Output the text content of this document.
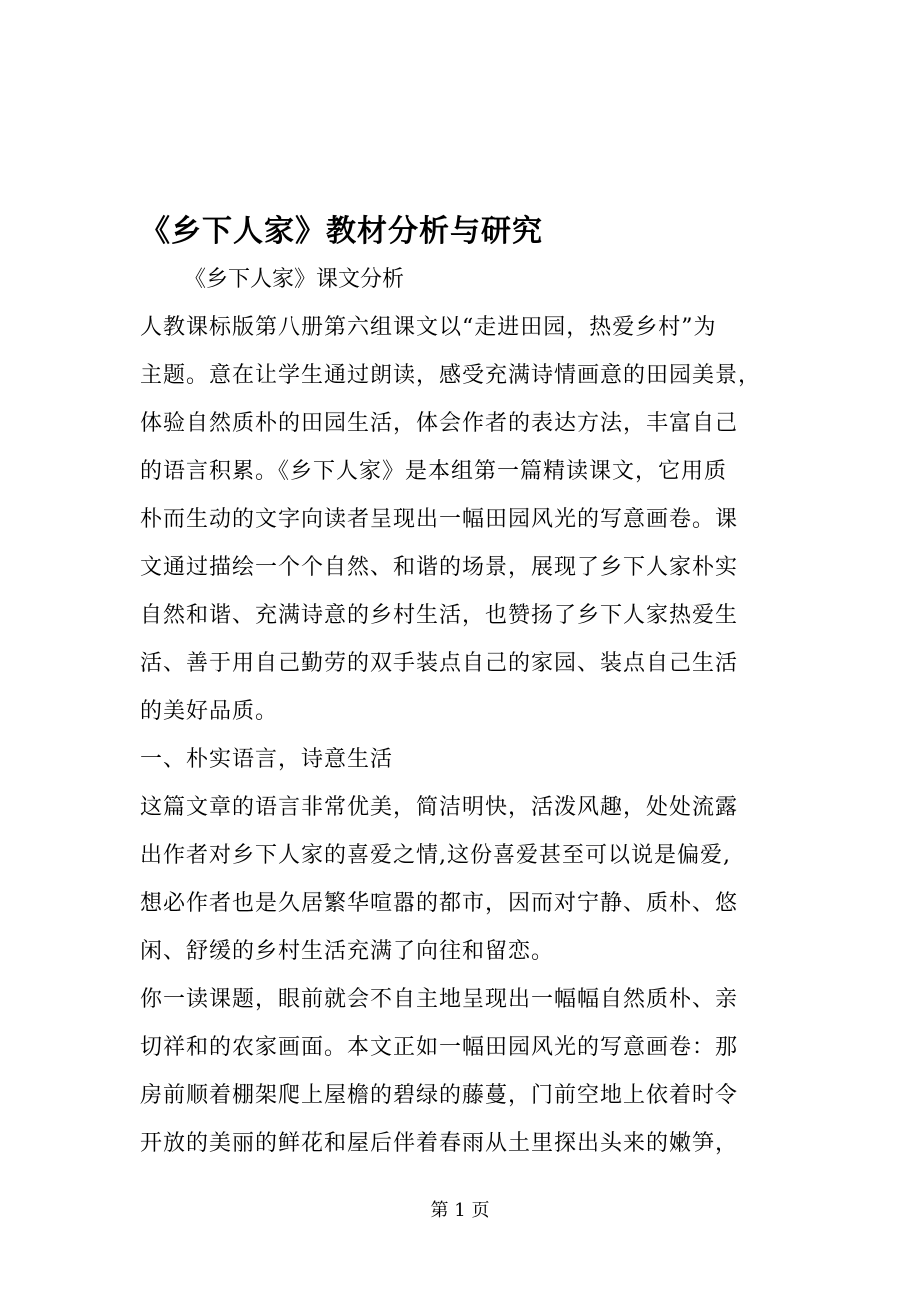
《乡下人家》教材分析与研究
《乡下人家》课文分析
人教课标版第八册第六组课文以“走进田园，热爱乡村”为
主题。意在让学生通过朗读，感受充满诗情画意的田园美景，
体验自然质朴的田园生活，体会作者的表达方法，丰富自己
的语言积累。《乡下人家》是本组第一篇精读课文，它用质
朴而生动的文字向读者呈现出一幅田园风光的写意画卷。课
文通过描绘一个个自然、和谐的场景，展现了乡下人家朴实
自然和谐、充满诗意的乡村生活，也赞扬了乡下人家热爱生
活、善于用自己勤劳的双手装点自己的家园、装点自己生活
的美好品质。
一、朴实语言，诗意生活
这篇文章的语言非常优美，简洁明快，活泼风趣，处处流露
出作者对乡下人家的喜爱之情,这份喜爱甚至可以说是偏爱,
想必作者也是久居繁华喧嚣的都市，因而对宁静、质朴、悠
闲、舒缓的乡村生活充满了向往和留恋。
你一读课题，眼前就会不自主地呈现出一幅幅自然质朴、亲
切祥和的农家画面。本文正如一幅田园风光的写意画卷：那
房前顺着棚架爬上屋檐的碧绿的藤蔓，门前空地上依着时令
开放的美丽的鲜花和屋后伴着春雨从土里探出头来的嫩笋，
第 1 页
